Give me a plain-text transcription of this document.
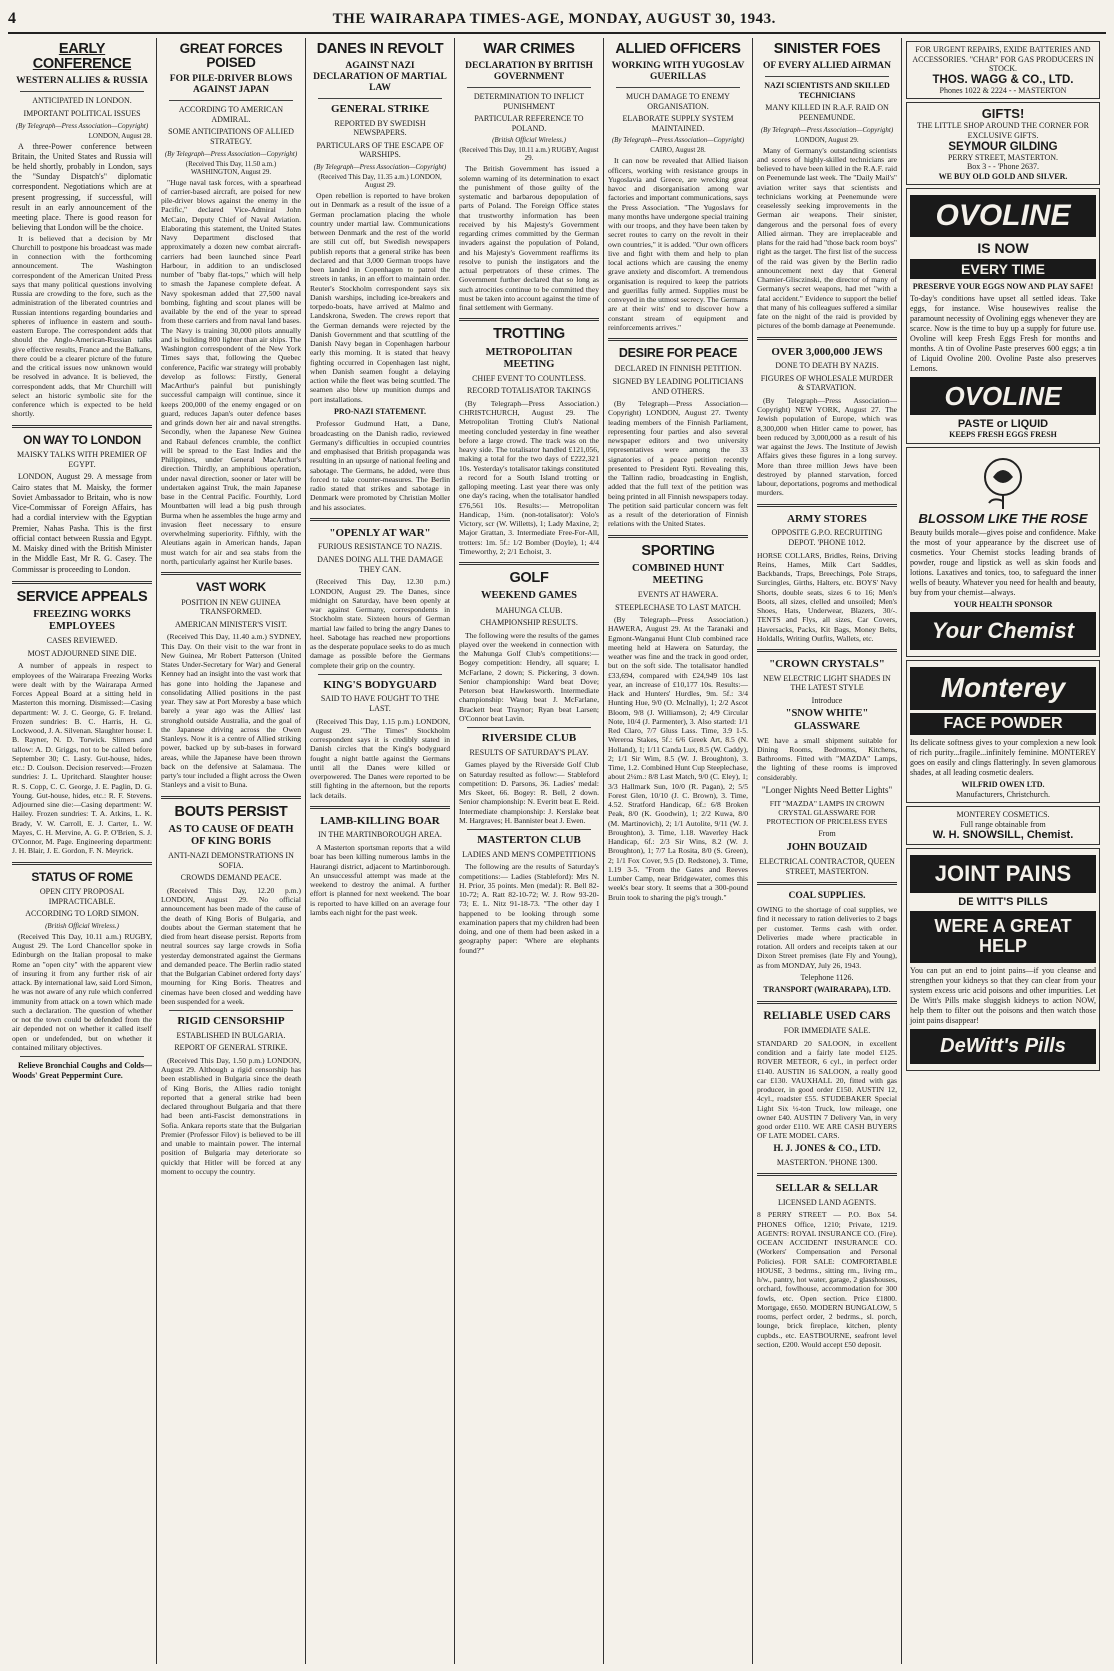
4	THE WAIRARAPA TIMES-AGE, MONDAY, AUGUST 30, 1943.
EARLY CONFERENCE
WESTERN ALLIES & RUSSIA
ANTICIPATED IN LONDON.
IMPORTANT POLITICAL ISSUES
(By Telegraph—Press Association—Copyright)
LONDON, August 28.

A three-Power conference between Britain, the United States and Russia will be held shortly, probably in London, says the "Sunday Dispatch's" diplomatic correspondent. Negotiations which are at present progressing, if successful, will result in an early announcement of the meeting place. There is good reason for believing that London will be the choice.

It is believed that a decision by Mr Churchill to postpone his broadcast was made in connection with the forthcoming announcement. The Washington correspondent of the American United Press says that many political questions involving Russia are crowding to the fore, such as the administration of the liberated countries and Russian intentions regarding boundaries and spheres of influence in eastern and south-eastern Europe. The correspondent adds that should the Anglo-American-Russian talks give effective results, France and the Balkans, there could be a clearer picture of the future and the critical issues now unknown would be resolved in advance. It is believed, the correspondent adds, that Mr Churchill will select an historic symbolic site for the conference which is expected to be held shortly.

ON WAY TO LONDON
MAISKY TALKS WITH PREMIER OF EGYPT.

LONDON, August 29. A message from Cairo states that M. Maisky, the former Soviet Ambassador to Britain, who is now Vice-Commissar of Foreign Affairs, has had a cordial interview with the Egyptian Premier, Nahas Pasha. This is the first official contact between Russia and Egypt. M. Maisky dined with the British Minister in the Middle East, Mr R. G. Casey. The Commissar is proceeding to London.

SERVICE APPEALS
FREEZING WORKS EMPLOYEES
CASES REVIEWED.
MOST ADJOURNED SINE DIE.

A number of appeals in respect to employees of the Wairarapa Freezing Works were dealt with by the Wairarapa Armed Forces Appeal Board at a sitting held in Masterton this morning. Dismissed:—Casing department: W. J. C. George, G. F. Ireland. Frozen sundries: B. C. Harris, H. G. Lockwood, J. A. Silvenan. Slaughter house: I. B. Rayner, N. D. Torwick. Slimers and tallow: A. D. Griggs, not to be called before September 30; C. Lasty. Gut-house, hides, etc.: D. Coulson. Decision reserved:—Frozen sundries: J. L. Upritchard. Slaughter house: R. S. Copp, C. C. George, J. E. Paglin, D. G. Young. Gut-house, hides, etc.: R. F. Stevens. Adjourned sine die:—Casing department: W. Hailey. Frozen sundries: T. A. Atkins, L. K. Brady, V. W. Carroll, E. J. Carter, L. W. Mayes, C. H. Mervine, A. G. P. O'Brien, S. J. O'Connor, M. Page. Engineering department: J. H. Blair, J. E. Gordon, F. N. Meyrick.

STATUS OF ROME
OPEN CITY PROPOSAL IMPRACTICABLE.
ACCORDING TO LORD SIMON.
(British Official Wireless.)

(Received This Day, 10.11 a.m.) RUGBY, August 29. The Lord Chancellor spoke in Edinburgh on the Italian proposal to make Rome an "open city" with the apparent view of insuring it from any further risk of air attack. By international law, said Lord Simon, he was not aware of any rule which conferred immunity from attack on a town which made such a declaration. The question of whether or not the town could be defended from the air depended not on whether it called itself open or undefended, but on whether it contained military objectives.

Relieve Bronchial Coughs and Colds—Woods' Great Peppermint Cure.

GREAT FORCES POISED
FOR PILE-DRIVER BLOWS AGAINST JAPAN
ACCORDING TO AMERICAN ADMIRAL.
SOME ANTICIPATIONS OF ALLIED STRATEGY.
(By Telegraph—Press Association—Copyright)
(Received This Day, 11.50 a.m.) WASHINGTON, August 29.

"Huge naval task forces, with a spearhead of carrier-based aircraft, are poised for new pile-driver blows against the enemy in the Pacific," declared Vice-Admiral John McCain, Deputy Chief of Naval Aviation. Elaborating this statement, the United States Navy Department disclosed that approximately a dozen new combat aircraft-carriers had been launched since Pearl Harbour, in addition to an undisclosed number of "baby flat-tops," which will help to smash the Japanese complete defeat. A Navy spokesman added that 27,500 naval bombing, fighting and scout planes will be available by the end of the year to spread from these carriers and from naval land bases. The Navy is training 30,000 pilots annually and is building 800 lighter than air ships. The Washington correspondent of the New York Times says that, following the Quebec conference, Pacific war strategy will probably develop as follows: Firstly, General MacArthur's painful but punishingly successful campaign will continue, since it keeps 200,000 of the enemy engaged or on guard, reduces Japan's outer defence bases and grinds down her air and naval strengths. Secondly, when the Japanese New Guinea and Rabaul defences crumble, the conflict will be spread to the East Indies and the Philippines, under General MacArthur's direction. Thirdly, an amphibious operation, under naval direction, sooner or later will be undertaken against Truk, the main Japanese base in the Central Pacific. Fourthly, Lord Mountbatten will lead a big push through Burma when he assembles the huge army and invasion fleet necessary to ensure overwhelming superiority. Fifthly, with the Aleutians again in American hands, Japan must watch for air and sea stabs from the north, particularly against her Kurile bases.

VAST WORK
POSITION IN NEW GUINEA TRANSFORMED.
AMERICAN MINISTER'S VISIT.

(Received This Day, 11.40 a.m.) SYDNEY, This Day. On their visit to the war front in New Guinea, Mr Robert Patterson (United States Under-Secretary for War) and General Kenney had an insight into the vast work that has gone into holding the Japanese and consolidating Allied positions in the past year. They saw at Port Moresby a base which barely a year ago was the Allies' last stronghold outside Australia, and the goal of the Japanese driving across the Owen Stanleys. Now it is a centre of Allied striking power, backed up by sub-bases in forward areas, while the Japanese have been thrown back on the defensive at Salamaua. The party's tour included a flight across the Owen Stanleys and a visit to Buna.

BOUTS PERSIST
AS TO CAUSE OF DEATH OF KING BORIS
ANTI-NAZI DEMONSTRATIONS IN SOFIA.
CROWDS DEMAND PEACE.

(Received This Day, 12.20 p.m.) LONDON, August 29. No official announcement has been made of the cause of the death of King Boris of Bulgaria, and doubts about the German statement that he died from heart disease persist. Reports from neutral sources say large crowds in Sofia yesterday demonstrated against the Germans and demanded peace. The Berlin radio stated that the Bulgarian Cabinet ordered forty days' mourning for King Boris. Theatres and cinemas have been closed and wedding have been suspended for a week.

RIGID CENSORSHIP
ESTABLISHED IN BULGARIA.
REPORT OF GENERAL STRIKE.

(Received This Day, 1.50 p.m.) LONDON, August 29. Although a rigid censorship has been established in Bulgaria since the death of King Boris, the Allies radio tonight reported that a general strike had been declared throughout Bulgaria and that there had been anti-Fascist demonstrations in Sofia. Ankara reports state that the Bulgarian Premier (Professor Filov) is believed to be ill and unable to maintain power. The internal position of Bulgaria may deteriorate so quickly that Hitler will be forced at any moment to occupy the country.

DANES IN REVOLT
AGAINST NAZI DECLARATION OF MARTIAL LAW
GENERAL STRIKE
REPORTED BY SWEDISH NEWSPAPERS.
PARTICULARS OF THE ESCAPE OF WARSHIPS.
(By Telegraph—Press Association—Copyright)
(Received This Day, 11.35 a.m.) LONDON, August 29.

Open rebellion is reported to have broken out in Denmark as a result of the issue of a German proclamation placing the whole country under martial law. Communications between Denmark and the rest of the world are still cut off, but Swedish newspapers publish reports that a general strike has been declared and that 3,000 German troops have been landed in Copenhagen to patrol the streets in tanks, in an effort to maintain order. Reuter's Stockholm correspondent says six Danish warships, including ice-breakers and torpedo-boats, have arrived at Malmo and Landskrona, Sweden. The crews report that the German demands were rejected by the Danish Government and that scuttling of the Danish Navy began in Copenhagen harbour early this morning. It is stated that heavy fighting occurred in Copenhagen last night, when Danish seamen fought a delaying action while the fleet was being scuttled. The seamen also blew up munition dumps and port installations.

PRO-NAZI STATEMENT.

Professor Gudmund Hatt, a Dane, broadcasting on the Danish radio, reviewed Germany's difficulties in occupied countries and emphasised that British propaganda was resulting in an upsurge of national feeling and sabotage. The Germans, he added, were thus forced to take counter-measures. The Berlin radio stated that strikes and sabotage in Denmark were promoted by Christian Moller and his associates.

"OPENLY AT WAR"
FURIOUS RESISTANCE TO NAZIS.
DANES DOING ALL THE DAMAGE THEY CAN.

(Received This Day, 12.30 p.m.) LONDON, August 29. The Danes, since midnight on Saturday, have been openly at war against Germany, correspondents in Stockholm state. Sixteen hours of German martial law failed to bring the angry Danes to heel. Sabotage has reached new proportions as the desperate populace seeks to do as much damage as possible before the Germans complete their grip on the country.

KING'S BODYGUARD
SAID TO HAVE FOUGHT TO THE LAST.

(Received This Day, 1.15 p.m.) LONDON, August 29. "The Times" Stockholm correspondent says it is credibly stated in Danish circles that the King's bodyguard fought a night battle against the Germans until all the Danes were killed or overpowered. The Danes were reported to be still fighting in the afternoon, but the reports lack details.

LAMB-KILLING BOAR
IN THE MARTINBOROUGH AREA.

A Masterton sportsman reports that a wild boar has been killing numerous lambs in the Haurangi district, adjacent to Martinborough. An unsuccessful attempt was made at the weekend to destroy the animal. A further effort is planned for next weekend. The boar is reported to have killed on an average four lambs each night for the past week.

WAR CRIMES
DECLARATION BY BRITISH GOVERNMENT
DETERMINATION TO INFLICT PUNISHMENT
PARTICULAR REFERENCE TO POLAND.
(British Official Wireless.)
(Received This Day, 10.11 a.m.) RUGBY, August 29.

The British Government has issued a solemn warning of its determination to exact the punishment of those guilty of the systematic and barbarous depopulation of parts of Poland. The Foreign Office states that trustworthy information has been received by his Majesty's Government regarding crimes committed by the German invaders against the population of Poland, and his Majesty's Government reaffirms its resolve to punish the instigators and the actual perpetrators of these crimes. The Government further declared that so long as such atrocities continue to be committed they must be taken into account against the time of final settlement with Germany.

TROTTING
METROPOLITAN MEETING
CHIEF EVENT TO COUNTLESS.
RECORD TOTALISATOR TAKINGS

(By Telegraph—Press Association.) CHRISTCHURCH, August 29. The Metropolitan Trotting Club's National meeting concluded yesterday in fine weather before a large crowd. The track was on the heavy side. The totalisator handled £121,056, making a total for the two days of £222,321 10s. Yesterday's totalisator takings constituted a record for a South Island trotting or galloping meeting. Last year there was only one day's racing, when the totalisator handled £76,561 10s. Results:— Metropolitan Handicap, 1¼m. (non-totalisator): Volo's Victory, scr (W. Willetts), 1; Lady Maxine, 2; Major Grattan, 3. Intermediate Free-For-All, trotters: 1m. 5f.: 1/2 Bomber (Doyle), 1; 4/4 Timeworthy, 2; 2/1 Echoist, 3.

GOLF
WEEKEND GAMES
MAHUNGA CLUB.
CHAMPIONSHIP RESULTS.

The following were the results of the games played over the weekend in connection with the Mahunga Golf Club's competitions:— Bogey competition: Hendry, all square; I. McFarlane, 2 down; S. Pickering, 3 down. Senior championship: Ward beat Dove; Peterson beat Hawkesworth. Intermediate championship: Waug beat J. McFarlane, Brackett beat Traynor; Ryan beat Larsen; O'Connor beat Lavin.

RIVERSIDE CLUB
RESULTS OF SATURDAY'S PLAY.

Games played by the Riverside Golf Club on Saturday resulted as follow:— Stableford competition: D. Parsons, 36. Ladies' medal: Mrs Skeet, 66. Bogey: R. Bell, 2 down. Senior championship: N. Everitt beat E. Reid. Intermediate championship: J. Kerslake beat M. Hargraves; H. Bannister beat J. Ewen.

MASTERTON CLUB
LADIES AND MEN'S COMPETITIONS

The following are the results of Saturday's competitions:— Ladies (Stableford): Mrs N. H. Prior, 35 points. Men (medal): R. Bell 82-10-72; A. Ratt 82-10-72; W. J. Row 93-20-73; E. L. Nitz 91-18-73. "The other day I happened to be looking through some examination papers that my children had been doing, and one of them had been asked in a geography paper: 'Where are elephants found?'"

ALLIED OFFICERS
WORKING WITH YUGOSLAV GUERILLAS
MUCH DAMAGE TO ENEMY ORGANISATION.
ELABORATE SUPPLY SYSTEM MAINTAINED.
(By Telegraph—Press Association—Copyright)
CAIRO, August 28.

It can now be revealed that Allied liaison officers, working with resistance groups in Yugoslavia and Greece, are wrecking great havoc and disorganisation among war factories and important communications, says the Press Association. "The Yugoslavs for many months have undergone special training with our troops, and they have been taken by secret routes to carry on the revolt in their own countries," it is added. "Our own officers live and fight with them and help to plan local actions which are causing the enemy grave anxiety and discomfort. A tremendous organisation is required to keep the patriots and guerillas fully armed. Supplies must be conveyed in the utmost secrecy. The Germans are at their wits' end to discover how a constant stream of equipment and reinforcements arrives."

DESIRE FOR PEACE
DECLARED IN FINNISH PETITION.
SIGNED BY LEADING POLITICIANS AND OTHERS.

(By Telegraph—Press Association—Copyright) LONDON, August 27. Twenty leading members of the Finnish Parliament, representing four parties and also several newspaper editors and two university representatives were among the 33 signatories of a peace petition recently presented to President Ryti. Revealing this, the Tallinn radio, broadcasting in English, added that the full text of the petition was being printed in all Finnish newspapers today. The petition said particular concern was felt as a result of the deterioration of Finnish relations with the United States.

SPORTING
COMBINED HUNT MEETING
EVENTS AT HAWERA.
STEEPLECHASE TO LAST MATCH.

(By Telegraph—Press Association.) HAWERA, August 29. At the Taranaki and Egmont-Wanganui Hunt Club combined race meeting held at Hawera on Saturday, the weather was fine and the track in good order, but on the soft side. The totalisator handled £33,694, compared with £24,949 10s last year, an increase of £10,177 10s. Results:— Hack and Hunters' Hurdles, 9m. 5f.: 3/4 Hunting Hue, 9/0 (O. McInally), 1; 2/2 Ascot Bloom, 9/8 (J. Williamson), 2; 4/9 Circular Note, 10/4 (J. Parmenter), 3. Also started: 1/1 Red Claro, 7/7 Gluss Lass. Time, 3.9 1-5. Wereroa Stakes, 5f.: 6/6 Greek Art, 8.5 (N. Holland), 1; 1/11 Canda Lux, 8.5 (W. Caddy), 2; 1/1 Sir Wim, 8.5 (W. J. Broughton), 3. Time, 1.2. Combined Hunt Cup Steeplechase, about 2¼m.: 8/8 Last Match, 9/0 (C. Eley), 1; 3/3 Hallmark Sun, 10/0 (R. Pagan), 2; 5/5 Forest Glen, 10/10 (J. C. Brown), 3. Time, 4.52. Stratford Handicap, 6f.: 6/8 Broken Peak, 8/0 (K. Goodwin), 1; 2/2 Kuwa, 8/0 (M. Martinovich), 2; 1/1 Autolite, 9/11 (W. J. Broughton), 3. Time, 1.18. Waverley Hack Handicap, 6f.: 2/3 Sir Wins, 8.2 (W. J. Broughton), 1; 7/7 La Rosita, 8/0 (S. Green), 2; 1/1 Fox Cover, 9.5 (D. Redstone), 3. Time, 1.19 3-5. "From the Gates and Reeves Lumber Camp, near Bridgewater, comes this week's bear story. It seems that a 300-pound Bruin took to sharing the pig's trough."

SINISTER FOES
OF EVERY ALLIED AIRMAN
NAZI SCIENTISTS AND SKILLED TECHNICIANS
MANY KILLED IN R.A.F. RAID ON PEENEMUNDE.
(By Telegraph—Press Association—Copyright)
LONDON, August 29.

Many of Germany's outstanding scientists and scores of highly-skilled technicians are believed to have been killed in the R.A.F. raid on Peenemunde last week. The "Daily Mail's" aviation writer says that scientists and technicians working at Peenemunde were ceaselessly seeking improvements in the German air weapons. Their sinister, dangerous and the personal foes of every Allied airman. They are irreplaceable and plans for the raid had "those back room boys" right as the target. The first list of the success of the raid was given by the Berlin radio announcement next day that General Chamier-Glisczinski, the director of many of Germany's secret weapons, had met "with a fatal accident." Evidence to support the belief that many of his colleagues suffered a similar fate on the night of the raid is provided by pictures of the bomb damage at Peenemunde.

OVER 3,000,000 JEWS
DONE TO DEATH BY NAZIS.
FIGURES OF WHOLESALE MURDER & STARVATION.

(By Telegraph—Press Association—Copyright) NEW YORK, August 27. The Jewish population of Europe, which was 8,300,000 when Hitler came to power, has been reduced by 3,000,000 as a result of his war against the Jews. The Institute of Jewish Affairs gives these figures in a long survey. More than three million Jews have been destroyed by planned starvation, forced labour, deportations, pogroms and methodical murders.

ARMY STORES
OPPOSITE G.P.O. RECRUITING DEPOT. 'PHONE 1012.

HORSE COLLARS, Bridles, Reins, Driving Reins, Hames, Milk Cart Saddles, Backbands, Traps, Breechings, Pole Straps, Surcingles, Girths, Halters, etc. BOYS' Navy Shorts, double seats, sizes 6 to 16; Men's Boots, all sizes, clelled and unsoiled; Men's Shoes, Hats, Underwear, Blazers, 30/-. TENTS and Flys, all sizes, Car Covers, Haversacks, Packs, Kit Bags, Money Belts, Holdalls, Writing Outfits, Wallets, etc.

"CROWN CRYSTALS"
NEW ELECTRIC LIGHT SHADES IN THE LATEST STYLE
Introduce
"SNOW WHITE" GLASSWARE

WE have a small shipment suitable for Dining Rooms, Bedrooms, Kitchens, Bathrooms. Fitted with "MAZDA" Lamps, the lighting of these rooms is improved considerably.

"Longer Nights Need Better Lights"

FIT "MAZDA" LAMPS IN CROWN CRYSTAL GLASSWARE FOR PROTECTION OF PRICELESS EYES

From
JOHN BOUZAID
ELECTRICAL CONTRACTOR, QUEEN STREET, MASTERTON.
COAL SUPPLIES.

OWING to the shortage of coal supplies, we find it necessary to ration deliveries to 2 bags per customer. Terms cash with order. Deliveries made where practicable in rotation. All orders and receipts taken at our Dixon Street premises (late Fly and Young), as from MONDAY, July 26, 1943.

Telephone 1126.
TRANSPORT (WAIRARAPA), LTD.
RELIABLE USED CARS
FOR IMMEDIATE SALE.

STANDARD 20 SALOON, in excellent condition and a fairly late model £125. ROVER METEOR, 6 cyl., in perfect order £140. AUSTIN 16 SALOON, a really good car £130. VAUXHALL 20, fitted with gas producer, in good order £150. AUSTIN 12, 4cyl., roadster £55. STUDEBAKER Special Light Six ½-ton Truck, low mileage, one owner £40. AUSTIN 7 Delivery Van, in very good order £110. WE ARE CASH BUYERS OF LATE MODEL CARS.

H. J. JONES & CO., LTD.
MASTERTON. 'PHONE 1300.
SELLAR & SELLAR
LICENSED LAND AGENTS.

8 PERRY STREET — P.O. Box 54. PHONES Office, 1210; Private, 1219. AGENTS: ROYAL INSURANCE CO. (Fire). OCEAN ACCIDENT INSURANCE CO. (Workers' Compensation and Personal Policies). FOR SALE: COMFORTABLE HOUSE, 3 bedrms., sitting rm., living rm., h/w., pantry, hot water, garage, 2 glasshouses, orchard, fowlhouse, accommodation for 300 fowls, etc. Open section. Price £1800. Mortgage, £650. MODERN BUNGALOW, 5 rooms, perfect order, 2 bedrms., sl. porch, lounge, brick fireplace, kitchen, plenty cupbds., etc. EASTBOURNE, seafront level section, £200. Would accept £50 deposit.

FOR URGENT REPAIRS, EXIDE BATTERIES AND ACCESSORIES. "CHAR" FOR GAS PRODUCERS IN STOCK.
THOS. WAGG & CO., LTD.
Phones 1022 & 2224 - - MASTERTON
GIFTS!
THE LITTLE SHOP AROUND THE CORNER FOR EXCLUSIVE GIFTS.
SEYMOUR GILDING
PERRY STREET, MASTERTON.
Box 3 - - 'Phone 2637.
WE BUY OLD GOLD AND SILVER.
OVOLINE
IS NOW
EVERY TIME
PRESERVE YOUR EGGS NOW AND PLAY SAFE!
To-day's conditions have upset all settled ideas. Take eggs, for instance. Wise housewives realise the paramount necessity of Ovolining eggs whenever they are scarce. Now is the time to buy up a supply for future use. Ovoline will keep Fresh Eggs Fresh for months and months. A tin of Ovoline Paste preserves 600 eggs; a tin of Liquid Ovoline 200. Ovoline Paste also preserves Lemons.
OVOLINE
PASTE or LIQUID
KEEPS FRESH EGGS FRESH
BLOSSOM LIKE THE ROSE
Beauty builds morale—gives poise and confidence. Make the most of your appearance by the discreet use of cosmetics. Your Chemist stocks leading brands of powder, rouge and lipstick as well as skin foods and lotions. Laxatives and tonics, too, to safeguard the inner wells of beauty. Whatever you need for health and beauty, buy from your chemist—always.
YOUR HEALTH SPONSOR
Your Chemist
Monterey
FACE POWDER
Its delicate softness gives to your complexion a new look of rich purity...fragile...infinitely feminine. MONTEREY goes on easily and clings flatteringly. In seven glamorous shades, at all leading cosmetic dealers.
WILFRID OWEN LTD.
Manufacturers, Christchurch.
MONTEREY COSMETICS.
Full range obtainable from
W. H. SNOWSILL, Chemist.
JOINT PAINS
DE WITT'S PILLS
WERE A GREAT HELP
You can put an end to joint pains—if you cleanse and strengthen your kidneys so that they can clear from your system excess uric acid poisons and other impurities. Let De Witt's Pills make sluggish kidneys to action NOW, help them to filter out the poisons and then watch those joint pains disappear!
DeWitt's Pills
